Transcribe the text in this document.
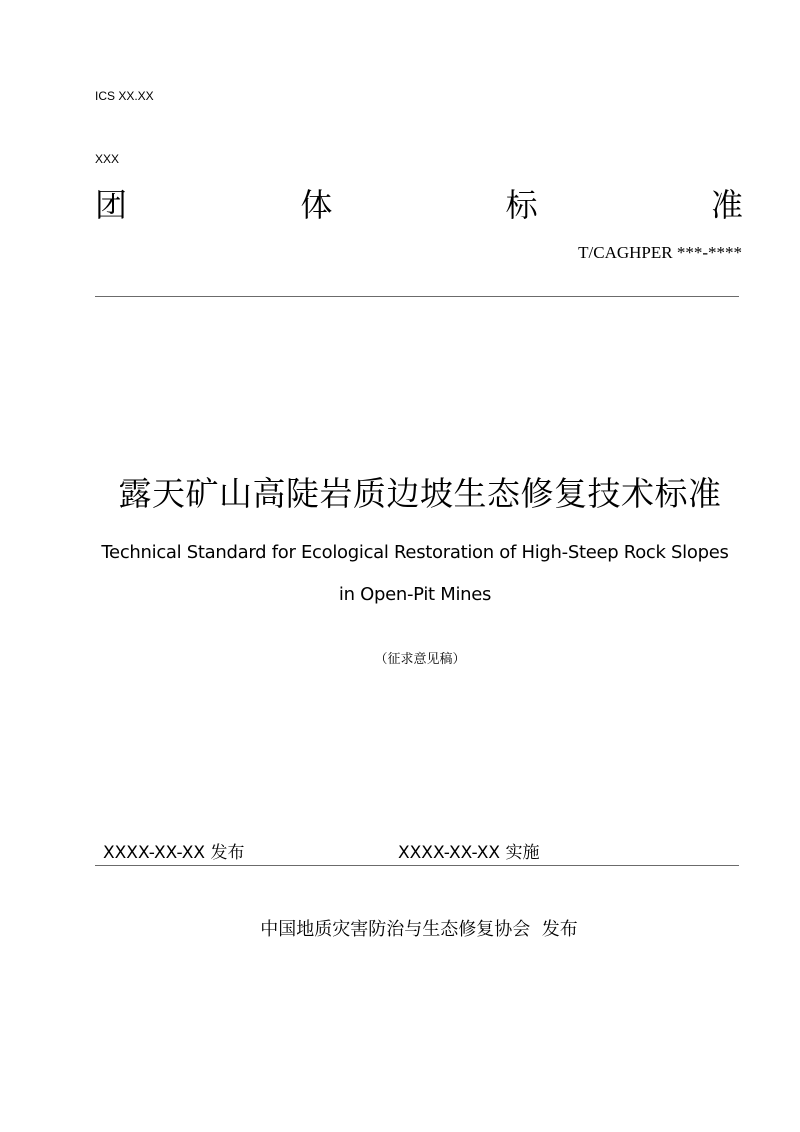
ICS XX.XX
XXX
团	体	标	准
T/CAGHPER ***-****
露天矿山高陡岩质边坡生态修复技术标准
Technical Standard for Ecological Restoration of High-Steep Rock Slopes in Open-Pit Mines
（征求意见稿）
XXXX-XX-XX 发布	XXXX-XX-XX 实施
中国地质灾害防治与生态修复协会  发布
